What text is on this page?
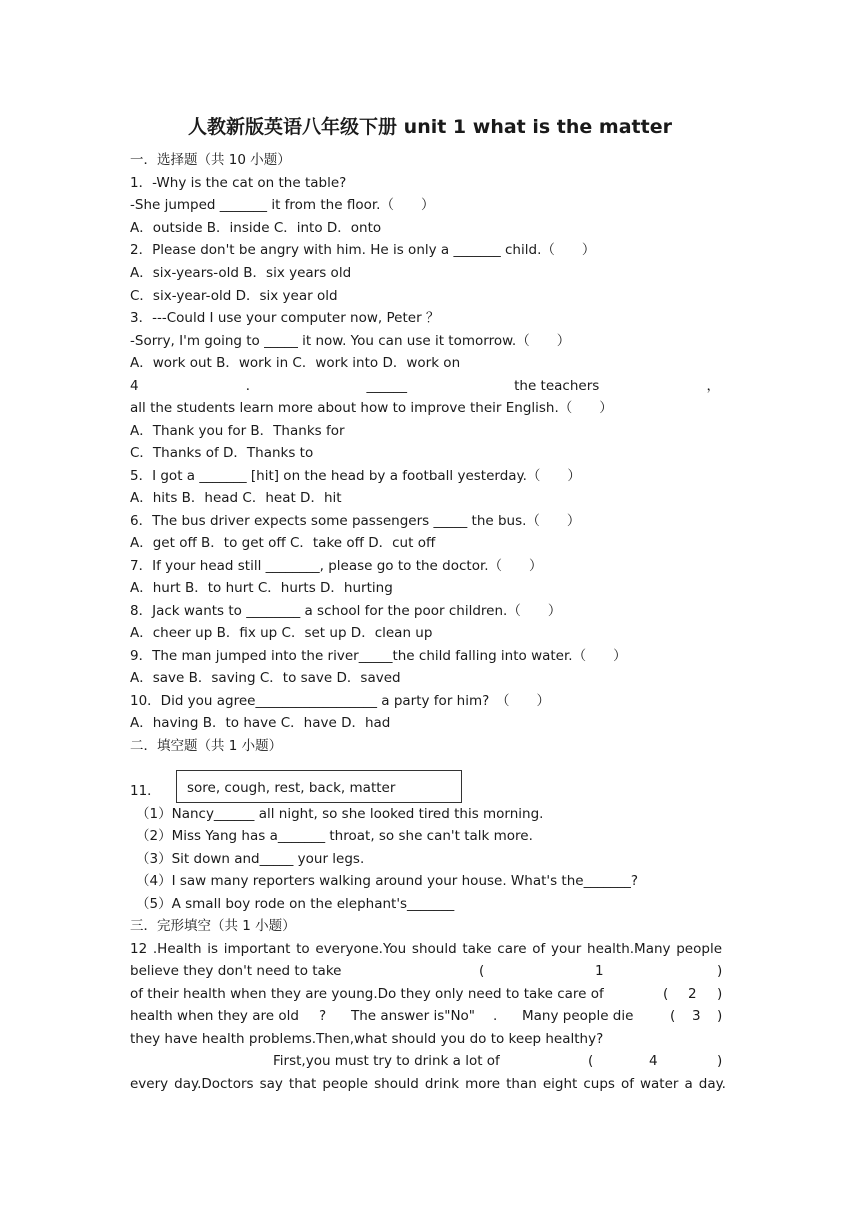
人教新版英语八年级下册 unit 1 what is the matter
一．选择题（共 10 小题）
1．-Why is the cat on the table?
-She jumped _______ it from the floor.（　　）
A．outside B．inside C．into D．onto
2．Please don't be angry with him. He is only a _______ child.（　　）
A．six-years-old B．six years old
C．six-year-old D．six year old
3．---Could I use your computer now, Peter ？
-Sorry, I'm going to _____ it now. You can use it tomorrow.（　　）
A．work out B．work in C．work into D．work on
4	．	______	the teachers	，
all the students learn more about how to improve their English.（　　）
A．Thank you for B．Thanks for
C．Thanks of D．Thanks to
5．I got a _______ [hit] on the head by a football yesterday.（　　）
A．hits B．head C．heat D．hit
6．The bus driver expects some passengers _____ the bus.（　　）
A．get off B．to get off C．take off D．cut off
7．If your head still ________, please go to the doctor.（　　）
A．hurt B．to hurt C．hurts D．hurting
8．Jack wants to ________ a school for the poor children.（　　）
A．cheer up B．fix up C．set up D．clean up
9．The man jumped into the river_____the child falling into water.（　　）
A．save B．saving C．to save D．saved
10．Did you agree__________________ a party for him?　（　　）
A．having B．to have C．have D．had
二．填空题（共 1 小题）
11．	sore, cough, rest, back, matter
（1）Nancy______ all night, so she looked tired this morning.
（2）Miss Yang has a_______ throat, so she can't talk more.
（3）Sit down and_____ your legs.
（4）I saw many reporters walking around your house. What's the_______?
（5）A small boy rode on the elephant's_______
三．完形填空（共 1 小题）
12 .Health is important to everyone.You should take care of your health.Many people
believe they don't need to take	(	1	)
of their health when they are young.Do they only need to take care of	( 2 )
health when they are old ? The answer is"No" . Many people die	( 3 )
they have health problems.Then,what should you do to keep healthy?
First,you must try to drink a lot of	(	4	)
every day.Doctors say that people should drink more than eight cups of water a day.
